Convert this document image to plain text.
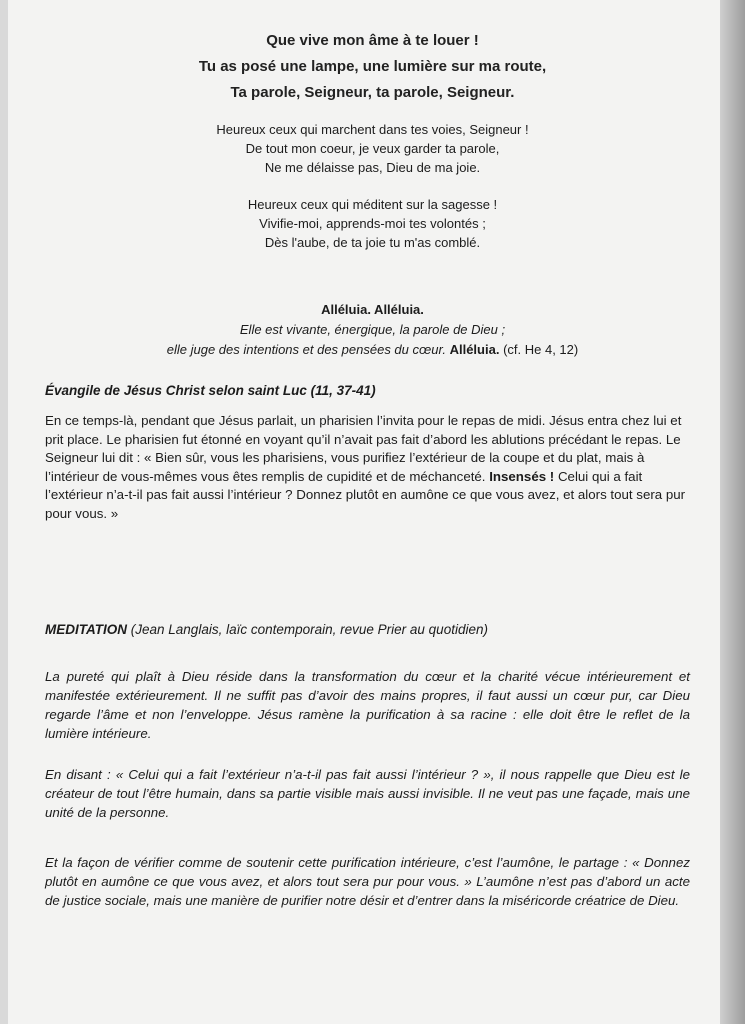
Que vive mon âme à te louer !
Tu as posé une lampe, une lumière sur ma route,
Ta parole, Seigneur, ta parole, Seigneur.
Heureux ceux qui marchent dans tes voies, Seigneur !
De tout mon coeur, je veux garder ta parole,
Ne me délaisse pas, Dieu de ma joie.
Heureux ceux qui méditent sur la sagesse !
Vivifie-moi, apprends-moi tes volontés ;
Dès l'aube, de ta joie tu m'as comblé.
Alléluia. Alléluia.
Elle est vivante, énergique, la parole de Dieu ;
elle juge des intentions et des pensées du cœur. Alléluia. (cf. He 4, 12)
Évangile de Jésus Christ selon saint Luc (11, 37-41)
En ce temps-là, pendant que Jésus parlait, un pharisien l’invita pour le repas de midi. Jésus entra chez lui et prit place. Le pharisien fut étonné en voyant qu’il n’avait pas fait d’abord les ablutions précédant le repas. Le Seigneur lui dit : « Bien sûr, vous les pharisiens, vous purifiez l’extérieur de la coupe et du plat, mais à l’intérieur de vous-mêmes vous êtes remplis de cupidité et de méchanceté. Insensés ! Celui qui a fait l’extérieur n’a-t-il pas fait aussi l’intérieur ? Donnez plutôt en aumône ce que vous avez, et alors tout sera pur pour vous. »
MEDITATION (Jean Langlais, laïc contemporain, revue Prier au quotidien)
La pureté qui plaît à Dieu réside dans la transformation du cœur et la charité vécue intérieurement et manifestée extérieurement. Il ne suffit pas d’avoir des mains propres, il faut aussi un cœur pur, car Dieu regarde l’âme et non l’enveloppe. Jésus ramène la purification à sa racine : elle doit être le reflet de la lumière intérieure.
En disant : « Celui qui a fait l’extérieur n’a-t-il pas fait aussi l’intérieur ? », il nous rappelle que Dieu est le créateur de tout l’être humain, dans sa partie visible mais aussi invisible. Il ne veut pas une façade, mais une unité de la personne.
Et la façon de vérifier comme de soutenir cette purification intérieure, c’est l’aumône, le partage : « Donnez plutôt en aumône ce que vous avez, et alors tout sera pur pour vous. » L’aumône n’est pas d’abord un acte de justice sociale, mais une manière de purifier notre désir et d’entrer dans la miséricorde créatrice de Dieu.
